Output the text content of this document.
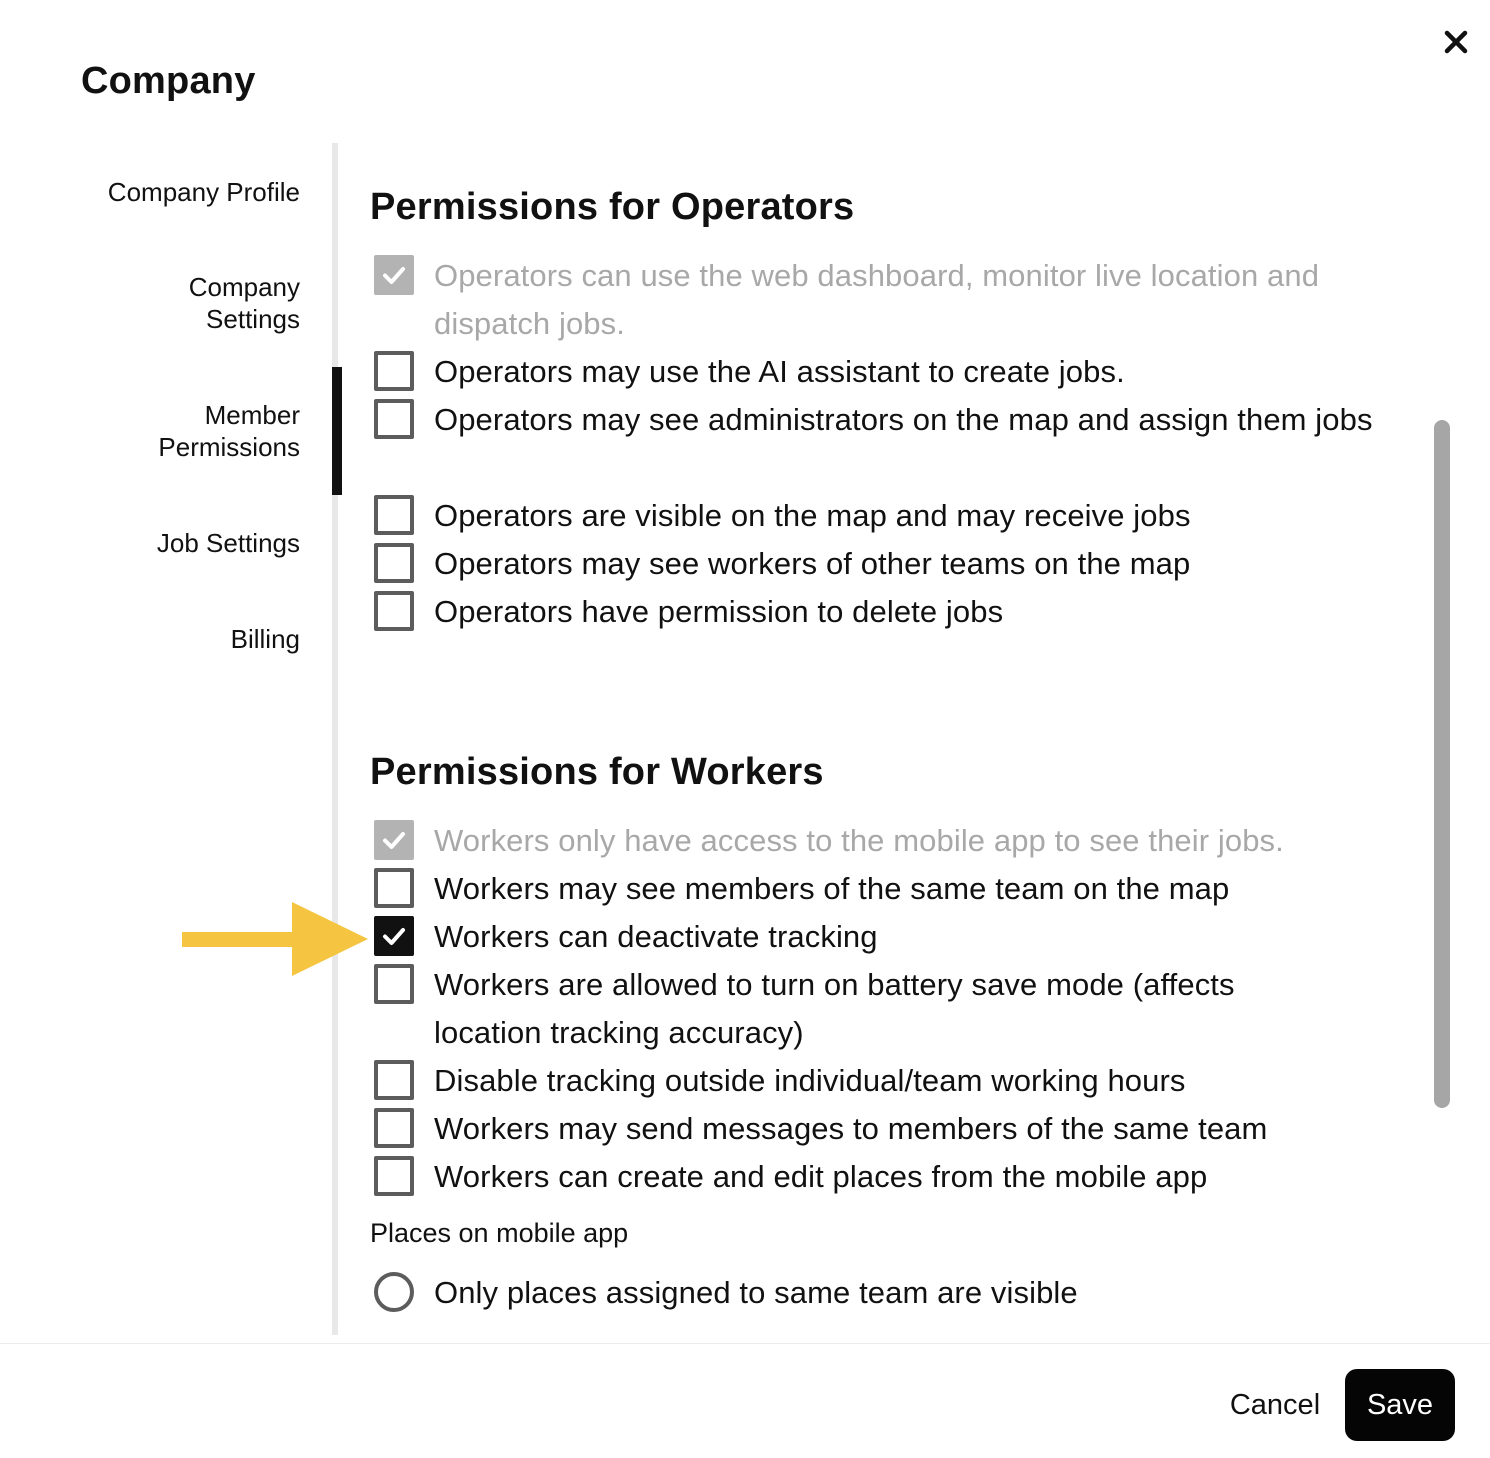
Company
Company Profile
Company
Settings
Member
Permissions
Job Settings
Billing
Permissions for Operators
Operators can use the web dashboard, monitor live location and dispatch jobs.
Operators may use the AI assistant to create jobs.
Operators may see administrators on the map and assign them jobs
Operators are visible on the map and may receive jobs
Operators may see workers of other teams on the map
Operators have permission to delete jobs
Permissions for Workers
Workers only have access to the mobile app to see their jobs.
Workers may see members of the same team on the map
Workers can deactivate tracking
Workers are allowed to turn on battery save mode (affects location tracking accuracy)
Disable tracking outside individual/team working hours
Workers may send messages to members of the same team
Workers can create and edit places from the mobile app
Places on mobile app
Only places assigned to same team are visible
Cancel	Save
